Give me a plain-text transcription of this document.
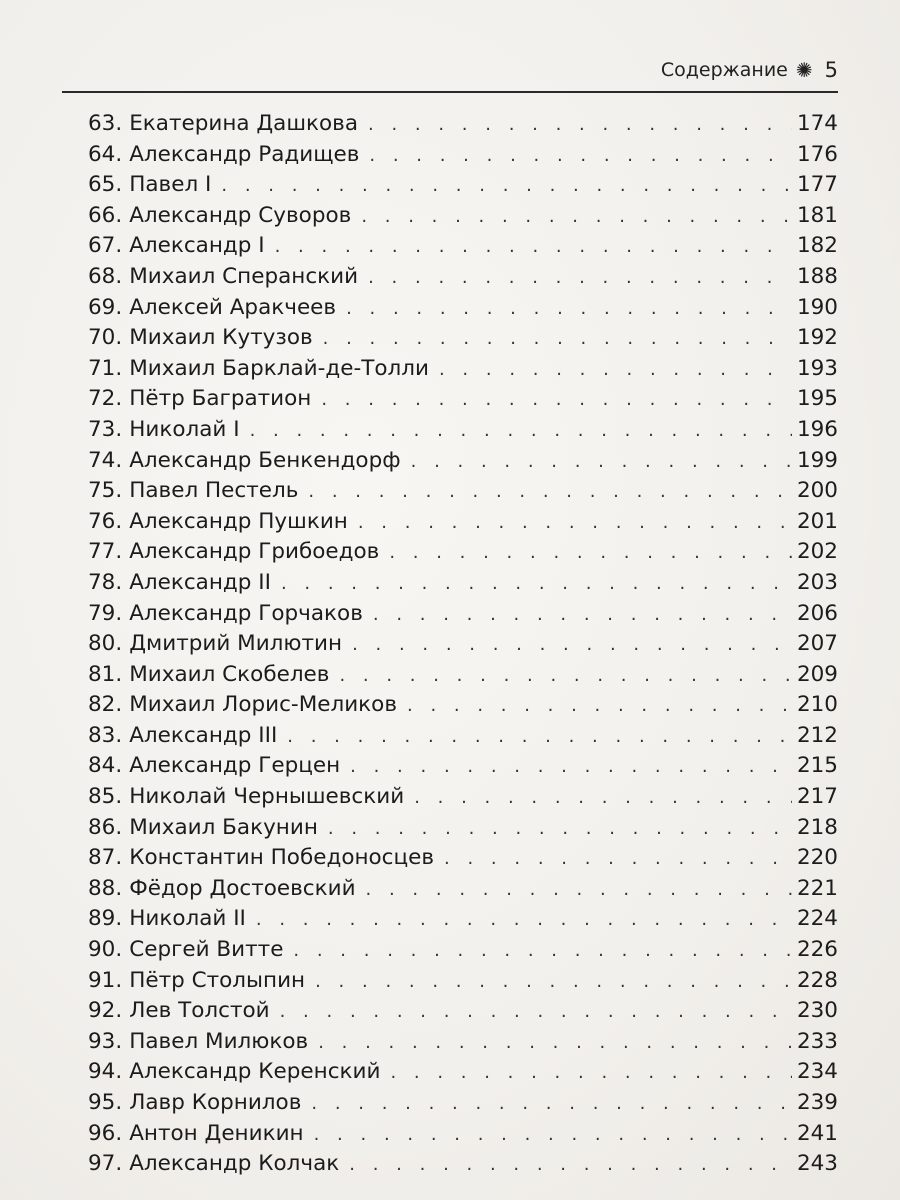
Содержание ✺ 5
63. Екатерина Дашкова . . .	174
64. Александр Радищев . . .	176
65. Павел I . . .	177
66. Александр Суворов . . .	181
67. Александр I . . .	182
68. Михаил Сперанский . . .	188
69. Алексей Аракчеев . . .	190
70. Михаил Кутузов . . .	192
71. Михаил Барклай-де-Толли . . .	193
72. Пётр Багратион . . .	195
73. Николай I . . .	196
74. Александр Бенкендорф . . .	199
75. Павел Пестель . . .	200
76. Александр Пушкин . . .	201
77. Александр Грибоедов . . .	202
78. Александр II . . .	203
79. Александр Горчаков . . .	206
80. Дмитрий Милютин . . .	207
81. Михаил Скобелев . . .	209
82. Михаил Лорис-Меликов . . .	210
83. Александр III . . .	212
84. Александр Герцен . . .	215
85. Николай Чернышевский . . .	217
86. Михаил Бакунин . . .	218
87. Константин Победоносцев . . .	220
88. Фёдор Достоевский . . .	221
89. Николай II . . .	224
90. Сергей Витте . . .	226
91. Пётр Столыпин . . .	228
92. Лев Толстой . . .	230
93. Павел Милюков . . .	233
94. Александр Керенский . . .	234
95. Лавр Корнилов . . .	239
96. Антон Деникин . . .	241
97. Александр Колчак . . .	243
